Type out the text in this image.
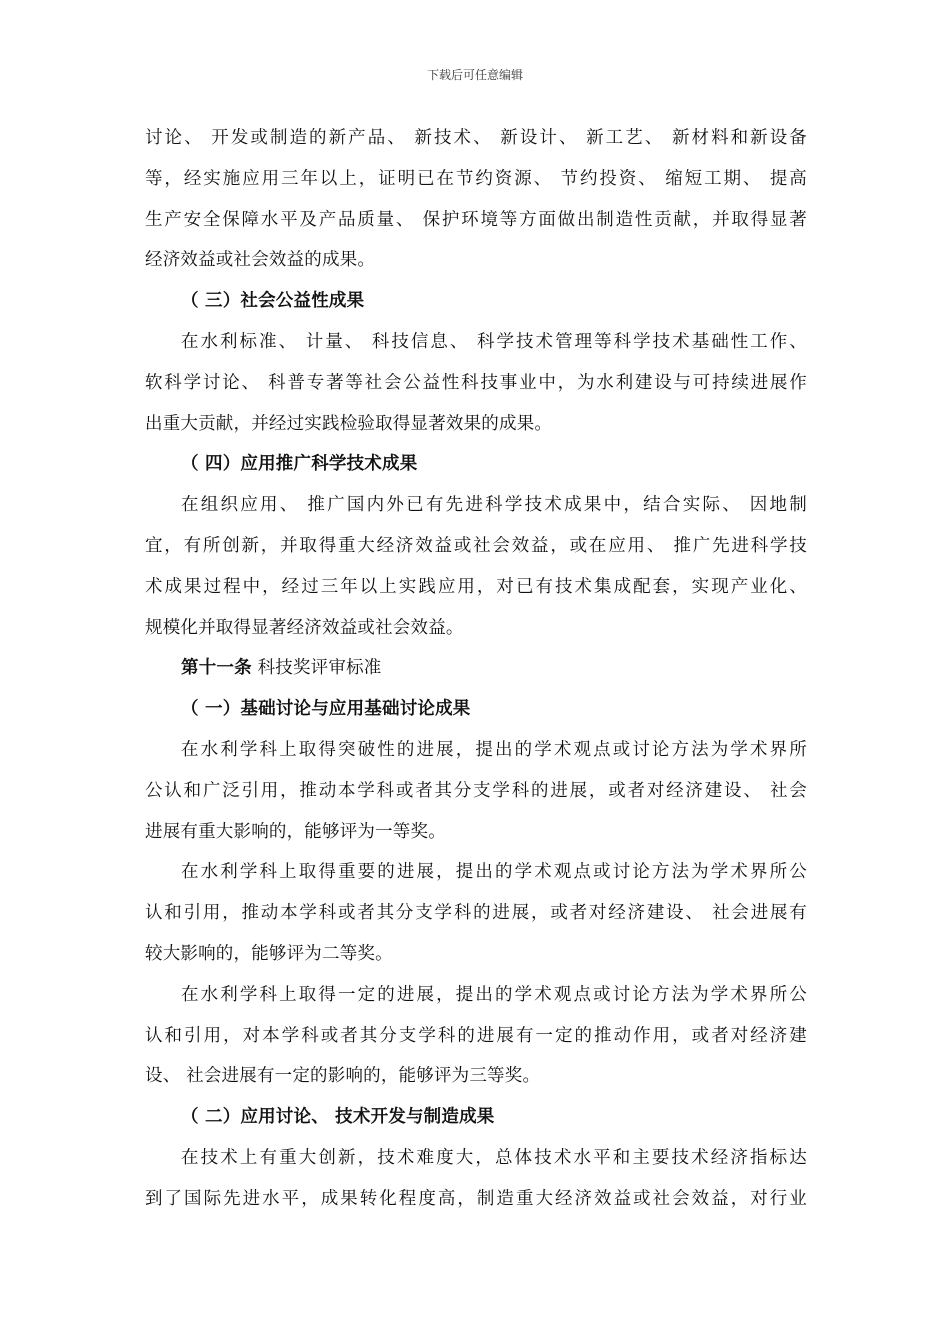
下载后可任意编辑
讨论、 开发或制造的新产品、 新技术、 新设计、 新工艺、 新材料和新设备
等，经实施应用三年以上，证明已在节约资源、 节约投资、 缩短工期、 提高
生产安全保障水平及产品质量、 保护环境等方面做出制造性贡献，并取得显著
经济效益或社会效益的成果。
（ 三）社会公益性成果
在水利标准、 计量、 科技信息、 科学技术管理等科学技术基础性工作、
软科学讨论、 科普专著等社会公益性科技事业中，为水利建设与可持续进展作
出重大贡献，并经过实践检验取得显著效果的成果。
（ 四）应用推广科学技术成果
在组织应用、 推广国内外已有先进科学技术成果中，结合实际、 因地制
宜，有所创新，并取得重大经济效益或社会效益，或在应用、 推广先进科学技
术成果过程中，经过三年以上实践应用，对已有技术集成配套，实现产业化、
规模化并取得显著经济效益或社会效益。
第十一条 科技奖评审标准
（ 一）基础讨论与应用基础讨论成果
在水利学科上取得突破性的进展，提出的学术观点或讨论方法为学术界所
公认和广泛引用，推动本学科或者其分支学科的进展，或者对经济建设、 社会
进展有重大影响的，能够评为一等奖。
在水利学科上取得重要的进展，提出的学术观点或讨论方法为学术界所公
认和引用，推动本学科或者其分支学科的进展，或者对经济建设、 社会进展有
较大影响的，能够评为二等奖。
在水利学科上取得一定的进展，提出的学术观点或讨论方法为学术界所公
认和引用，对本学科或者其分支学科的进展有一定的推动作用，或者对经济建
设、 社会进展有一定的影响的，能够评为三等奖。
（ 二）应用讨论、 技术开发与制造成果
在技术上有重大创新，技术难度大，总体技术水平和主要技术经济指标达
到了国际先进水平，成果转化程度高，制造重大经济效益或社会效益，对行业
